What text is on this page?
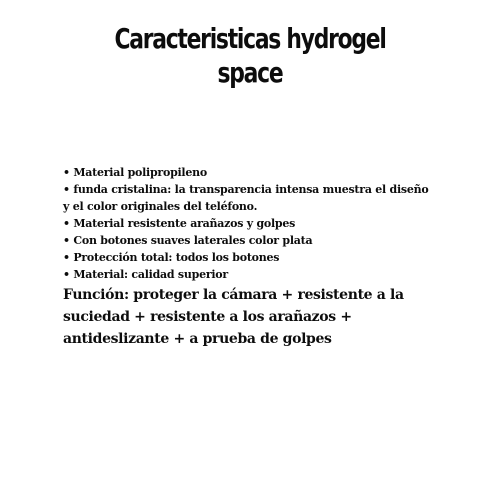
Caracteristicas hydrogel
space
• Material polipropileno
• funda cristalina: la transparencia intensa muestra el diseño y el color originales del teléfono.
• Material resistente arañazos y golpes
• Con botones suaves laterales color plata
• Protección total: todos los botones
• Material: calidad superior

Función: proteger la cámara + resistente a la suciedad + resistente a los arañazos + antideslizante + a prueba de golpes
